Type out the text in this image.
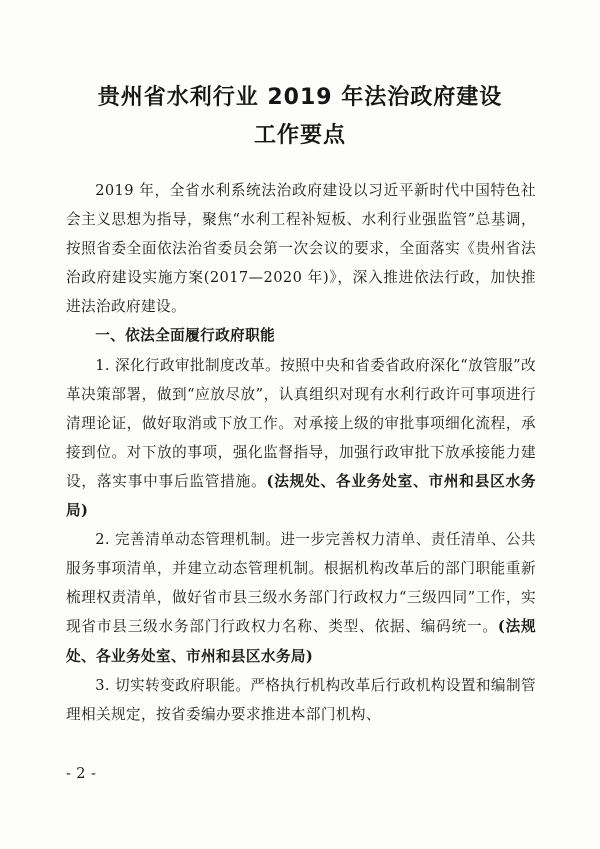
贵州省水利行业 2019 年法治政府建设
工作要点

2019 年，全省水利系统法治政府建设以习近平新时代中国特色社会主义思想为指导，聚焦“水利工程补短板、水利行业强监管”总基调，按照省委全面依法治省委员会第一次会议的要求，全面落实《贵州省法治政府建设实施方案(2017—2020 年)》，深入推进依法行政，加快推进法治政府建设。

一、依法全面履行政府职能

1. 深化行政审批制度改革。按照中央和省委省政府深化“放管服”改革决策部署，做到“应放尽放”，认真组织对现有水利行政许可事项进行清理论证，做好取消或下放工作。对承接上级的审批事项细化流程，承接到位。对下放的事项，强化监督指导，加强行政审批下放承接能力建设，落实事中事后监管措施。(法规处、各业务处室、市州和县区水务局)

2. 完善清单动态管理机制。进一步完善权力清单、责任清单、公共服务事项清单，并建立动态管理机制。根据机构改革后的部门职能重新梳理权责清单，做好省市县三级水务部门行政权力“三级四同”工作，实现省市县三级水务部门行政权力名称、类型、依据、编码统一。(法规处、各业务处室、市州和县区水务局)

3. 切实转变政府职能。严格执行机构改革后行政机构设置和编制管理相关规定，按省委编办要求推进本部门机构、

- 2 -
